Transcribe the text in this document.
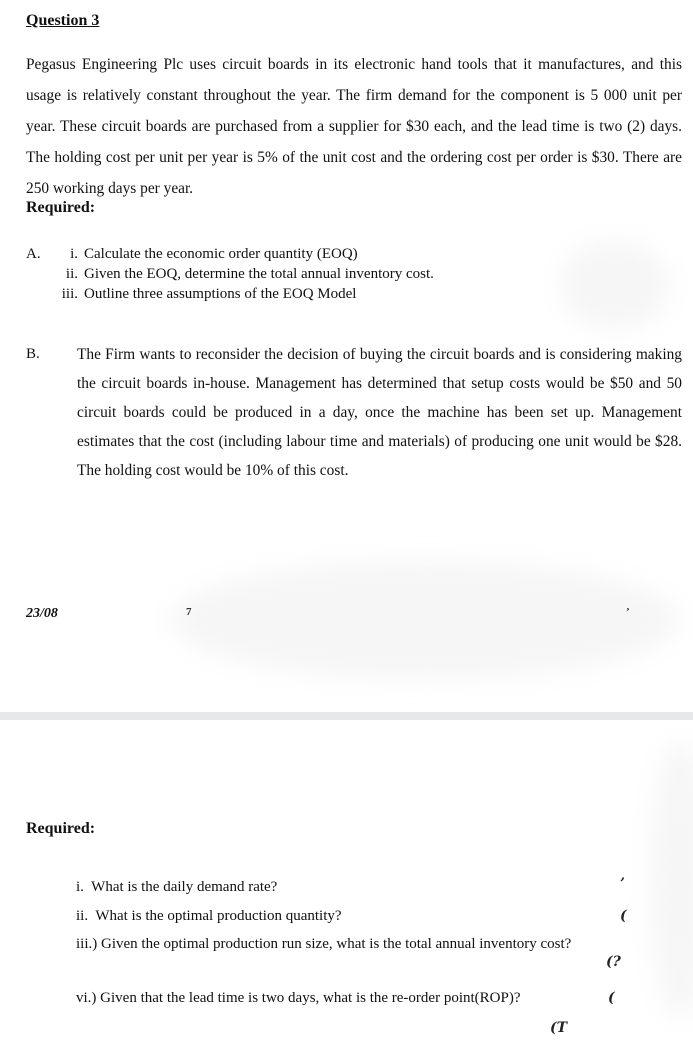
Question 3
Pegasus Engineering Plc uses circuit boards in its electronic hand tools that it manufactures, and this usage is relatively constant throughout the year. The firm demand for the component is 5 000 unit per year. These circuit boards are purchased from a supplier for $30 each, and the lead time is two (2) days. The holding cost per unit per year is 5% of the unit cost and the ordering cost per order is $30. There are 250 working days per year.
Required:
A.	i. Calculate the economic order quantity (EOQ)
ii. Given the EOQ, determine the total annual inventory cost.
iii. Outline three assumptions of the EOQ Model
B. The Firm wants to reconsider the decision of buying the circuit boards and is considering making the circuit boards in-house. Management has determined that setup costs would be $50 and 50 circuit boards could be produced in a day, once the machine has been set up. Management estimates that the cost (including labour time and materials) of producing one unit would be $28. The holding cost would be 10% of this cost.
23/08	7	’
Required:
i. What is the daily demand rate?
ii. What is the optimal production quantity?
iii.) Given the optimal production run size, what is the total annual inventory cost?
vi.) Given that the lead time is two days, what is the re-order point(ROP)?
’
(
(?
(
(T
